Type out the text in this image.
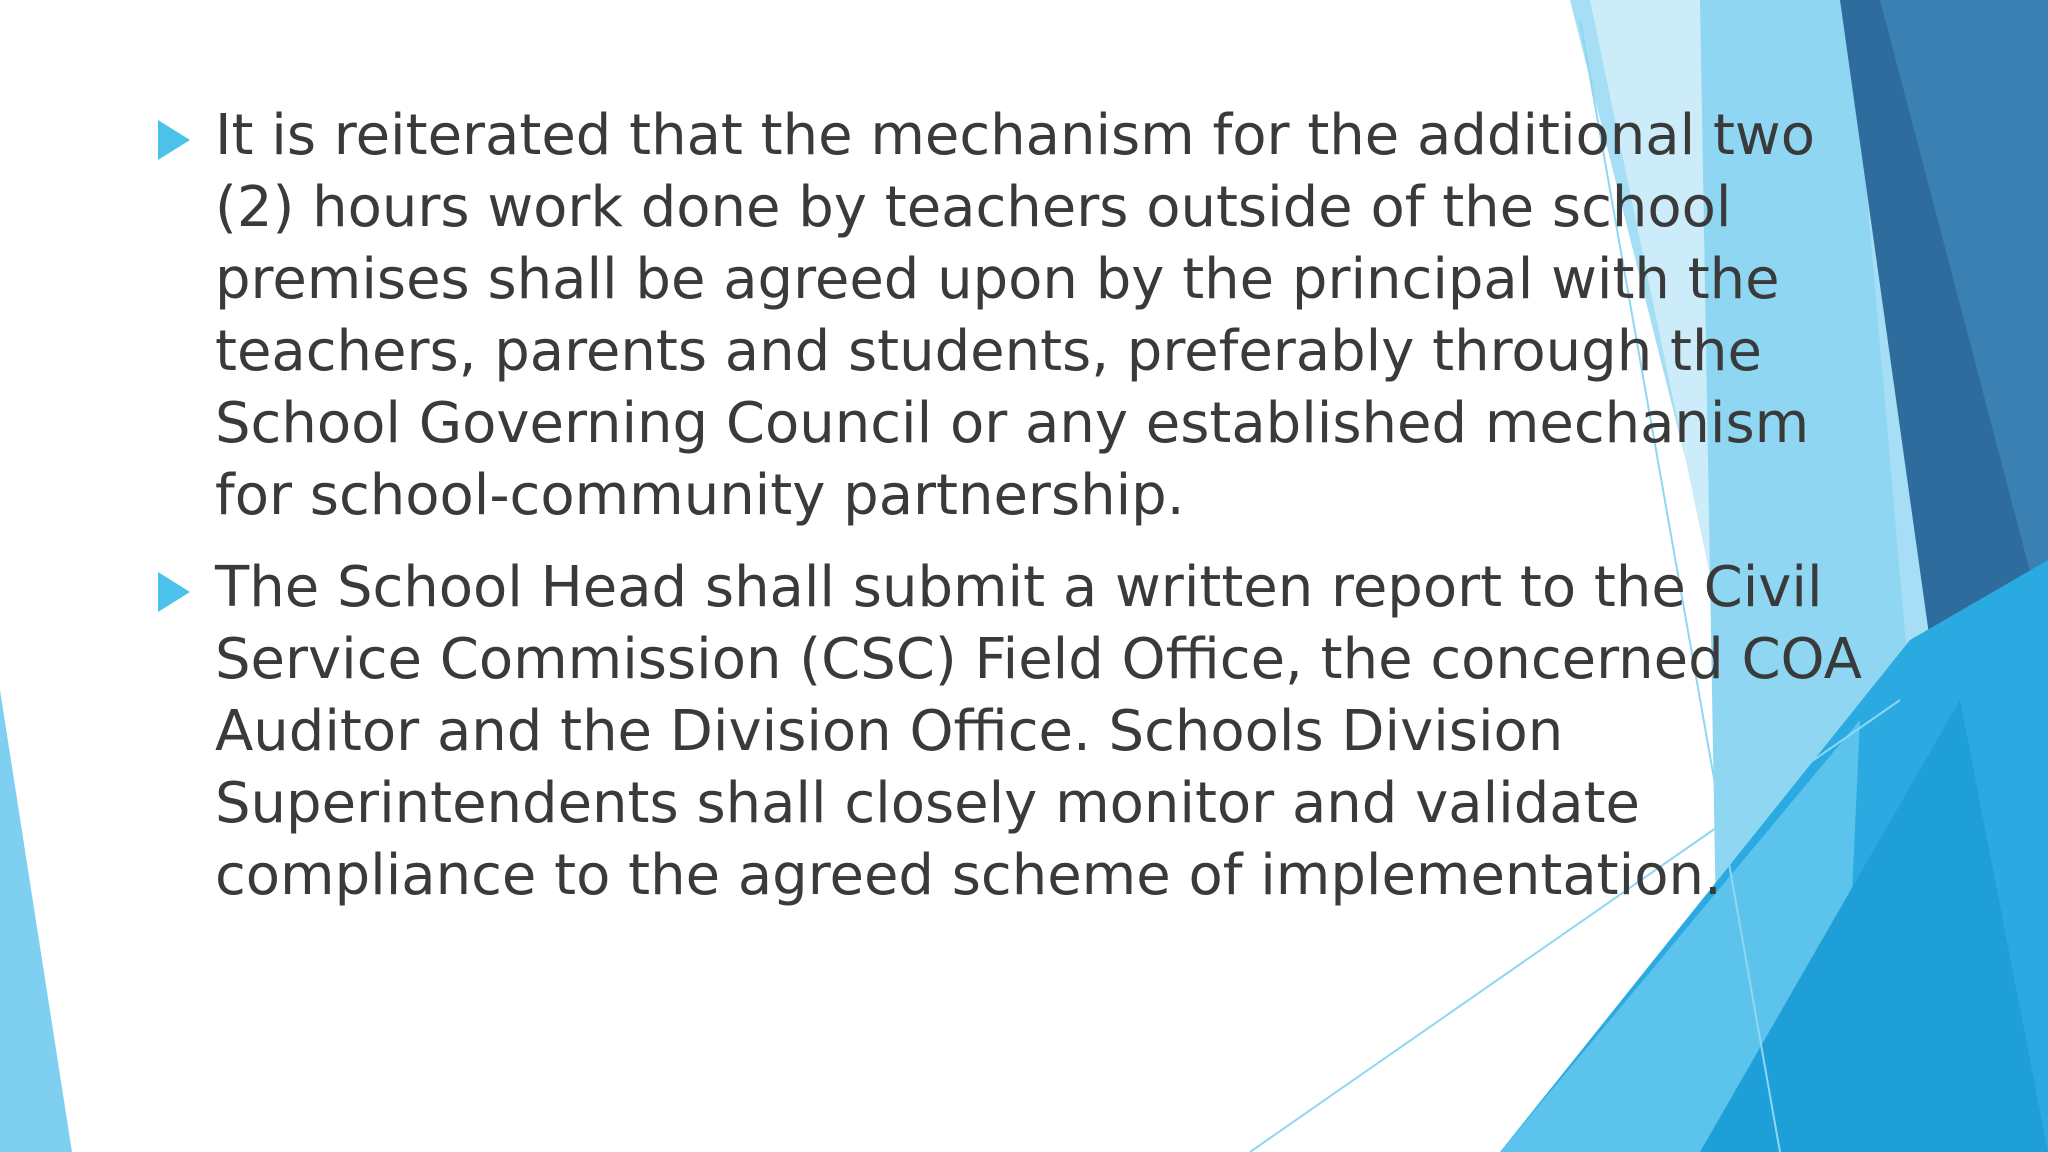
It is reiterated that the mechanism for the additional two (2) hours work done by teachers outside of the school premises shall be agreed upon by the principal with the teachers, parents and students, preferably through the School Governing Council or any established mechanism for school-community partnership.

The School Head shall submit a written report to the Civil Service Commission (CSC) Field Office, the concerned COA Auditor and the Division Office. Schools Division Superintendents shall closely monitor and validate compliance to the agreed scheme of implementation.
